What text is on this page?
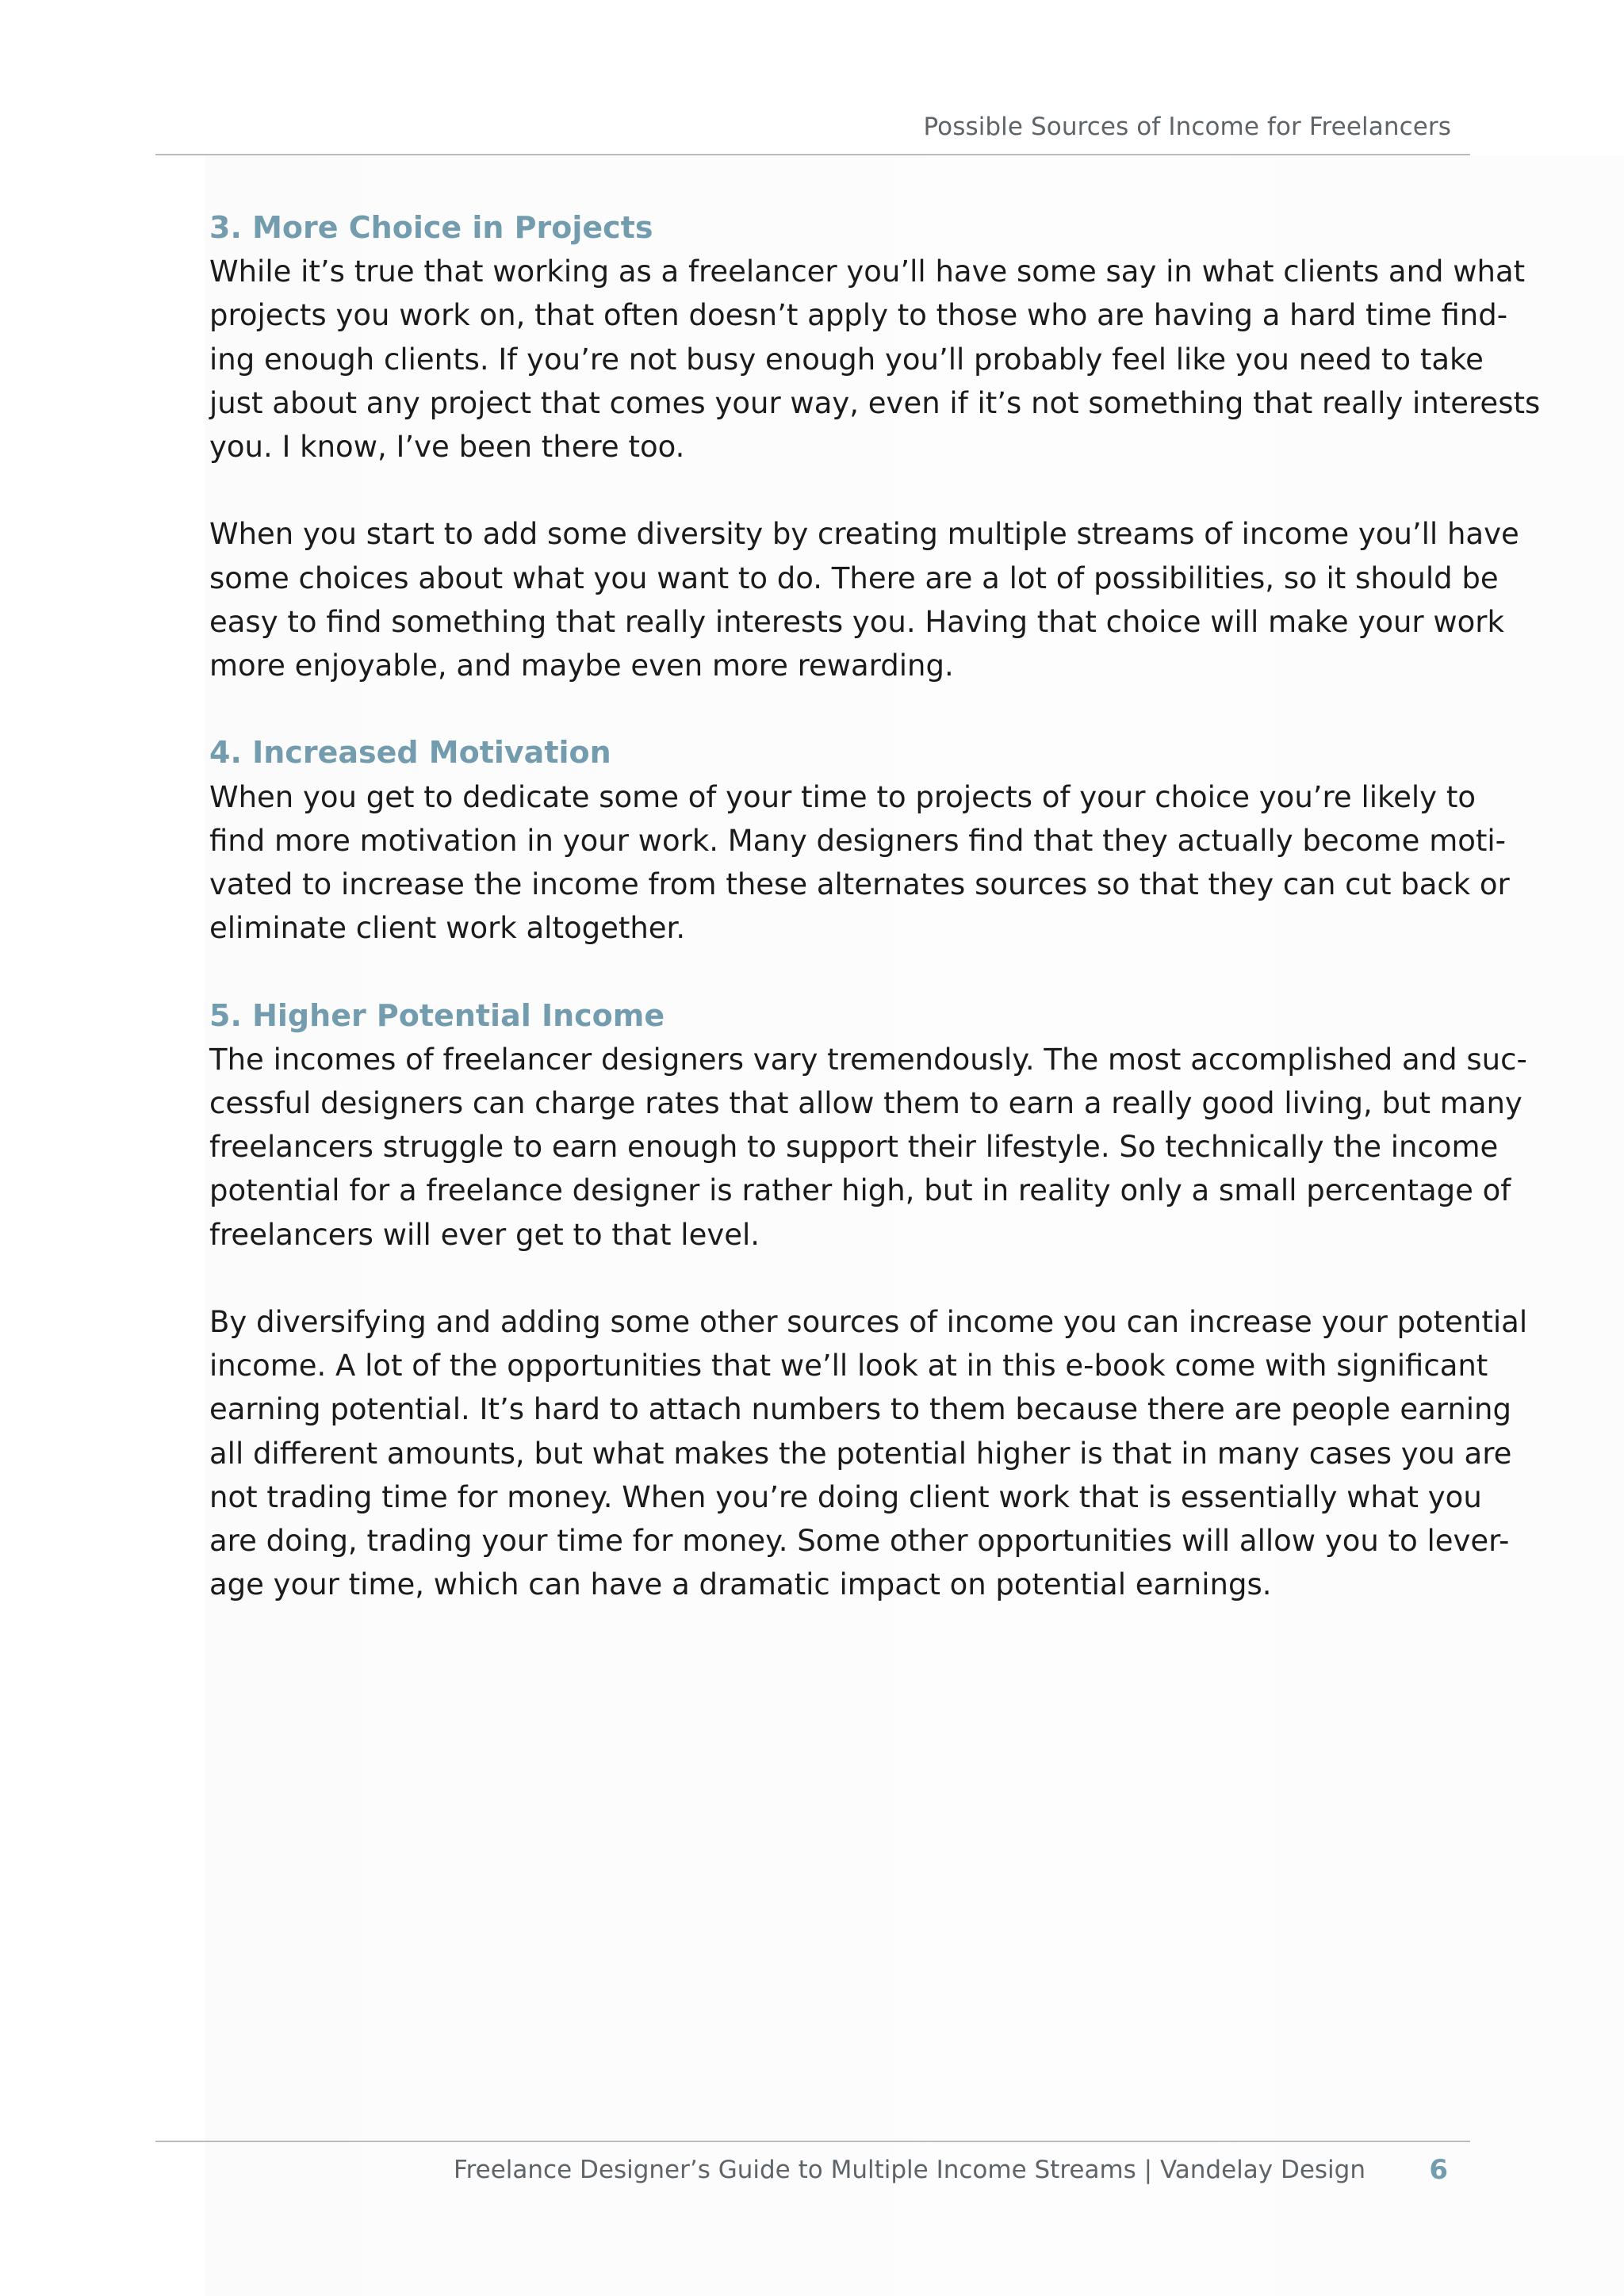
Possible Sources of Income for Freelancers
3. More Choice in Projects

While it’s true that working as a freelancer you’ll have some say in what clients and what
projects you work on, that often doesn’t apply to those who are having a hard time find-
ing enough clients. If you’re not busy enough you’ll probably feel like you need to take
just about any project that comes your way, even if it’s not something that really interests
you. I know, I’ve been there too.

When you start to add some diversity by creating multiple streams of income you’ll have
some choices about what you want to do. There are a lot of possibilities, so it should be
easy to find something that really interests you. Having that choice will make your work
more enjoyable, and maybe even more rewarding.

4. Increased Motivation

When you get to dedicate some of your time to projects of your choice you’re likely to
find more motivation in your work. Many designers find that they actually become moti-
vated to increase the income from these alternates sources so that they can cut back or
eliminate client work altogether.

5. Higher Potential Income

The incomes of freelancer designers vary tremendously. The most accomplished and suc-
cessful designers can charge rates that allow them to earn a really good living, but many
freelancers struggle to earn enough to support their lifestyle. So technically the income
potential for a freelance designer is rather high, but in reality only a small percentage of
freelancers will ever get to that level.

By diversifying and adding some other sources of income you can increase your potential
income. A lot of the opportunities that we’ll look at in this e-book come with significant
earning potential. It’s hard to attach numbers to them because there are people earning
all different amounts, but what makes the potential higher is that in many cases you are
not trading time for money. When you’re doing client work that is essentially what you
are doing, trading your time for money. Some other opportunities will allow you to lever-
age your time, which can have a dramatic impact on potential earnings.

Freelance Designer’s Guide to Multiple Income Streams | Vandelay Design 6
